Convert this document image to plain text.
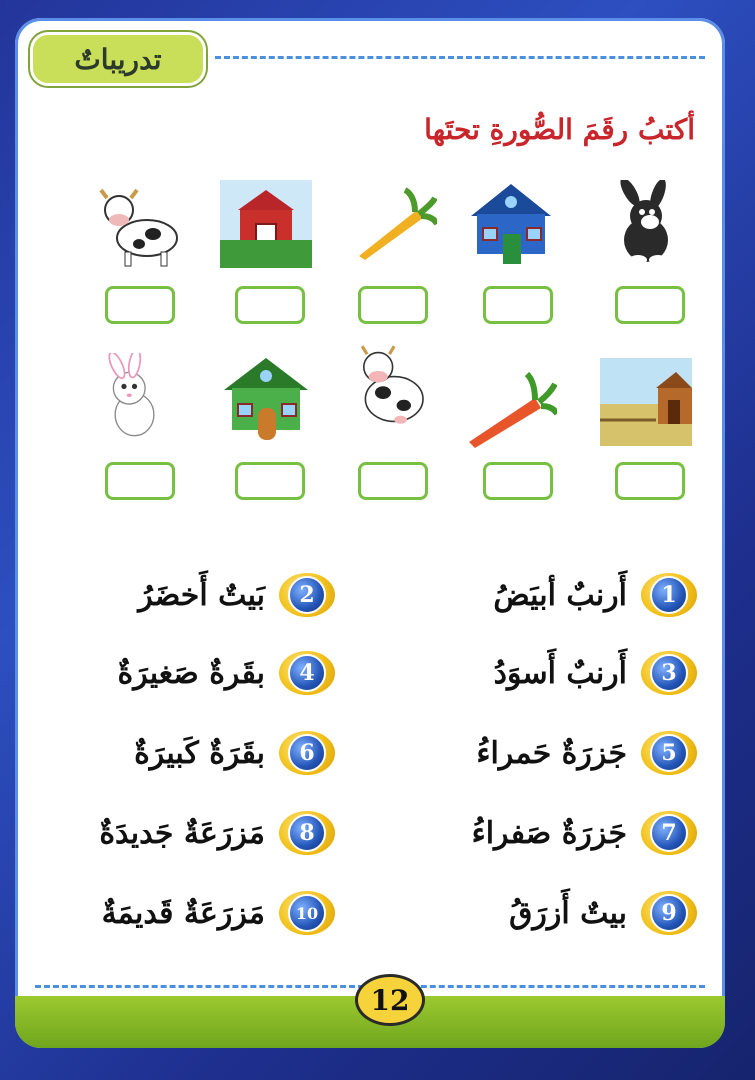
تدريباتٌ
أكتبُ رقَمَ الصُّورةِ تحتَها
1
أَرنبٌ أبيَضُ
2
بَيتٌ أَخضَرُ
3
أَرنبٌ أَسوَدُ
4
بقَرةٌ صَغيرَةٌ
5
جَزرَةٌ حَمراءُ
6
بقَرَةٌ كَبيرَةٌ
7
جَزرَةٌ صَفراءُ
8
مَزرَعَةٌ جَديدَةٌ
9
بيتٌ أَزرَقُ
10
مَزرَعَةٌ قَديمَةٌ
12
